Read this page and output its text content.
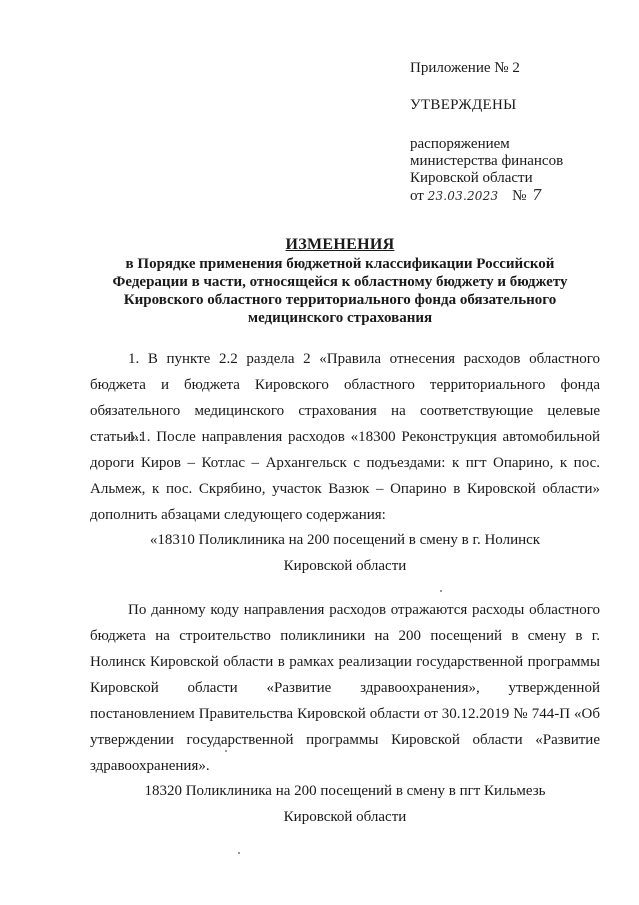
Приложение № 2
УТВЕРЖДЕНЫ
распоряжением
министерства финансов
Кировской области
от 23.03.2023 № 7
ИЗМЕНЕНИЯ
в Порядке применения бюджетной классификации Российской
Федерации в части, относящейся к областному бюджету и бюджету
Кировского областного территориального фонда обязательного
медицинского страхования
1. В пункте 2.2 раздела 2 «Правила отнесения расходов областного бюджета и бюджета Кировского областного территориального фонда обязательного медицинского страхования на соответствующие целевые статьи»:
1.1. После направления расходов «18300 Реконструкция автомобильной дороги Киров – Котлас – Архангельск с подъездами: к пгт Опарино, к пос. Альмеж, к пос. Скрябино, участок Вазюк – Опарино в Кировской области» дополнить абзацами следующего содержания:
«18310 Поликлиника на 200 посещений в смену в г. Нолинск
Кировской области
По данному коду направления расходов отражаются расходы областного бюджета на строительство поликлиники на 200 посещений в смену в г. Нолинск Кировской области в рамках реализации государственной программы Кировской области «Развитие здравоохранения», утвержденной постановлением Правительства Кировской области от 30.12.2019 № 744-П «Об утверждении государственной программы Кировской области «Развитие здравоохранения».
18320 Поликлиника на 200 посещений в смену в пгт Кильмезь
Кировской области
